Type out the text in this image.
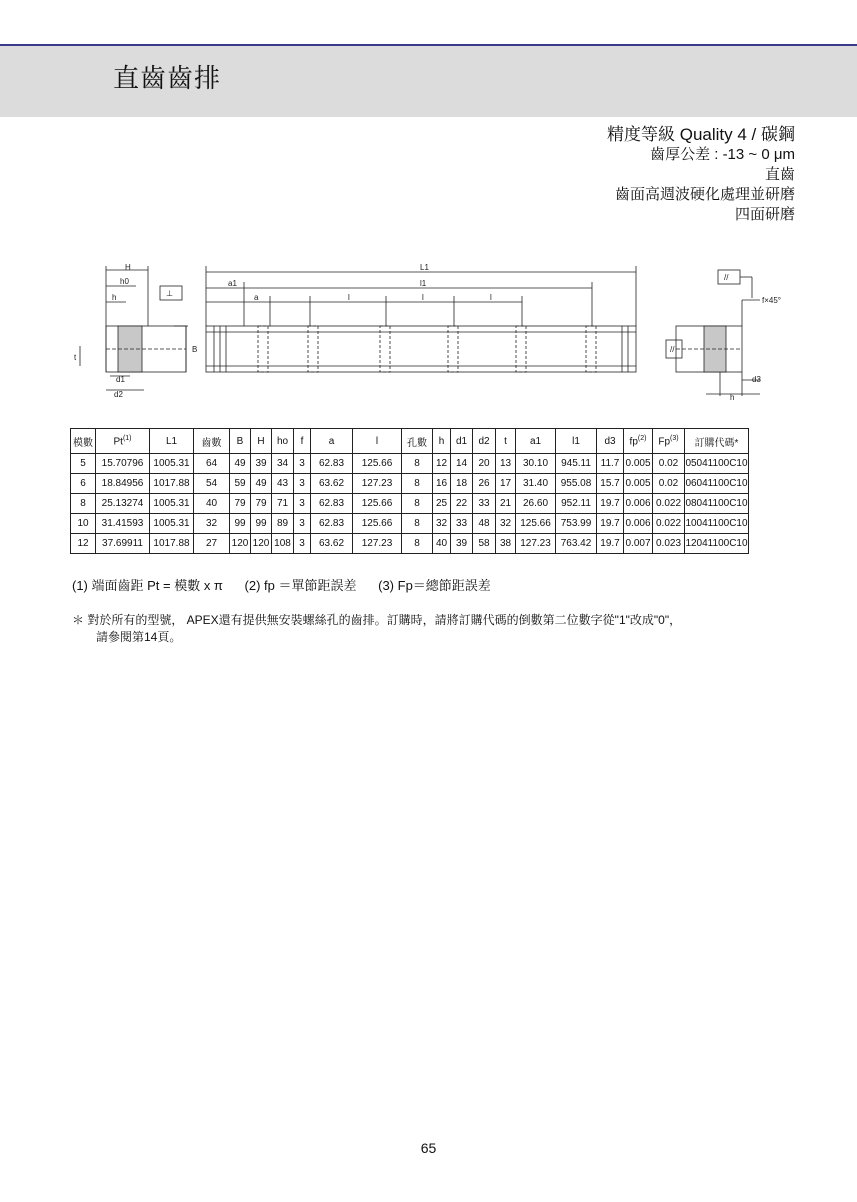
直齒齒排
精度等級 Quality 4 / 碳鋼
齒厚公差 : -13 ~ 0 μm
直齒
齒面高週波硬化處理並研磨
四面研磨
H
h0
h
B
t
d1
d2
⊥
L1
a1	l1
a	l	l	l
//
//
f×45°
d3
h
模數	Pt$^{(1)}$	L1	齒數	B	H	ho	f	a	l	孔數	h	d1	d2	t	a1	l1	d3	$fp^{(2)}$	Fp$^{(3)}$	訂購代碼*
5	15.70796	1005.31	64	49	39	34	3	62.83	125.66	8	12	14	20	13	30.10	945.11	11.7	0.005	0.02	05041100C10
6	18.84956	1017.88	54	59	49	43	3	63.62	127.23	8	16	18	26	17	31.40	955.08	15.7	0.005	0.02	06041100C10
8	25.13274	1005.31	40	79	79	71	3	62.83	125.66	8	25	22	33	21	26.60	952.11	19.7	0.006	0.022	08041100C10
10	31.41593	1005.31	32	99	99	89	3	62.83	125.66	8	32	33	48	32	125.66	753.99	19.7	0.006	0.022	10041100C10
12	37.69911	1017.88	27	120	120	108	3	63.62	127.23	8	40	39	58	38	127.23	763.42	19.7	0.007	0.023	12041100C10
(1) 端面齒距 Pt = 模數 x π (2) fp ＝單節距誤差 (3) Fp＝總節距誤差
＊ 對於所有的型號， APEX還有提供無安裝螺絲孔的齒排。訂購時，請將訂購代碼的倒數第二位數字從"1"改成"0"，
請參閱第14頁。
65
